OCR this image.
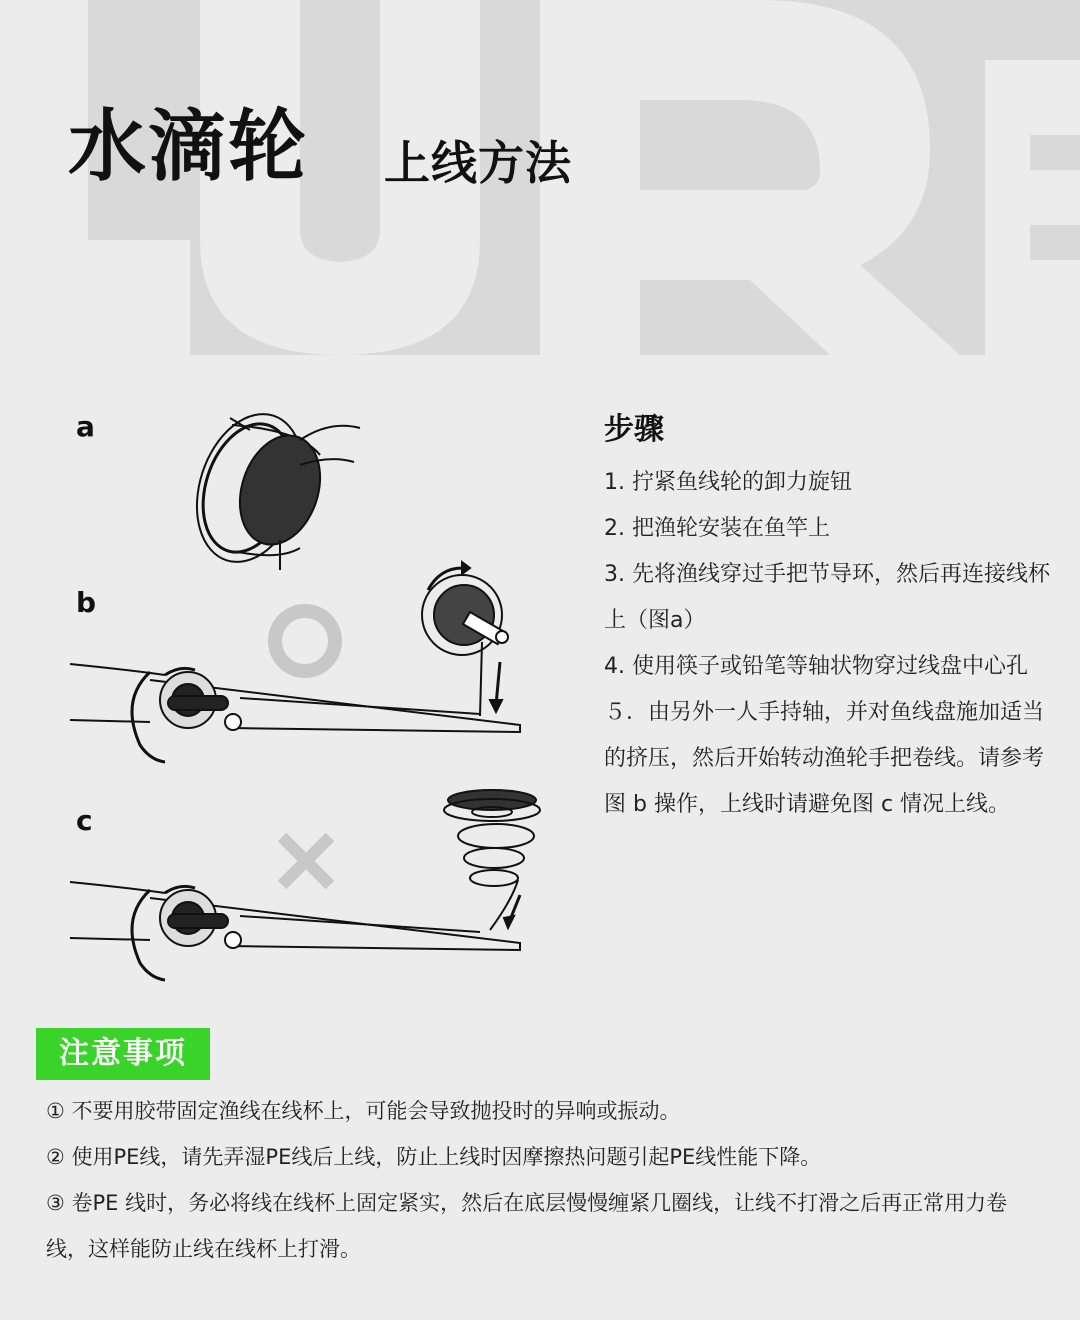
水滴轮 上线方法
a
b
c
步骤

1. 拧紧鱼线轮的卸力旋钮

2. 把渔轮安装在鱼竿上

3. 先将渔线穿过手把节导环，然后再连接线杯上（图a）

4. 使用筷子或铅笔等轴状物穿过线盘中心孔

５．由另外一人手持轴，并对鱼线盘施加适当的挤压，然后开始转动渔轮手把卷线。请参考图 b 操作，上线时请避免图 c 情况上线。

注意事项

① 不要用胶带固定渔线在线杯上，可能会导致抛投时的异响或振动。

② 使用PE线，请先弄湿PE线后上线，防止上线时因摩擦热问题引起PE线性能下降。

③ 卷PE 线时，务必将线在线杯上固定紧实，然后在底层慢慢缠紧几圈线，让线不打滑之后再正常用力卷线，这样能防止线在线杯上打滑。
